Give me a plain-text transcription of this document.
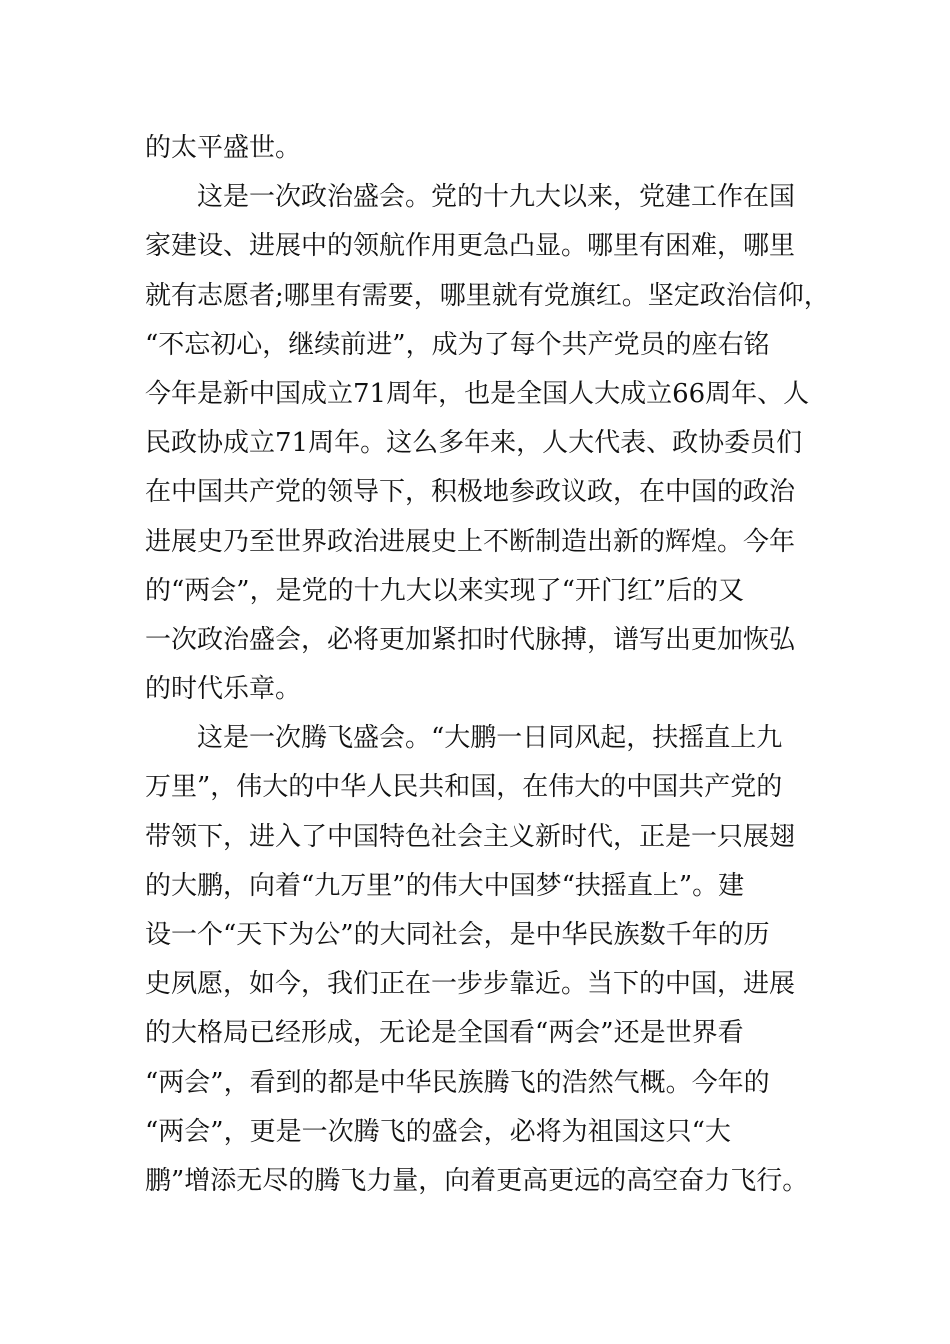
的太平盛世。
这是一次政治盛会。党的十九大以来，党建工作在国
家建设、进展中的领航作用更急凸显。哪里有困难，哪里
就有志愿者;哪里有需要，哪里就有党旗红。坚定政治信仰，
“不忘初心，继续前进”，成为了每个共产党员的座右铭
今年是新中国成立71周年，也是全国人大成立66周年、人
民政协成立71周年。这么多年来，人大代表、政协委员们
在中国共产党的领导下，积极地参政议政，在中国的政治
进展史乃至世界政治进展史上不断制造出新的辉煌。今年
的“两会”，是党的十九大以来实现了“开门红”后的又
一次政治盛会，必将更加紧扣时代脉搏，谱写出更加恢弘
的时代乐章。
这是一次腾飞盛会。“大鹏一日同风起，扶摇直上九
万里”，伟大的中华人民共和国，在伟大的中国共产党的
带领下，进入了中国特色社会主义新时代，正是一只展翅
的大鹏，向着“九万里”的伟大中国梦“扶摇直上”。建
设一个“天下为公”的大同社会，是中华民族数千年的历
史夙愿，如今，我们正在一步步靠近。当下的中国，进展
的大格局已经形成，无论是全国看“两会”还是世界看
“两会”，看到的都是中华民族腾飞的浩然气概。今年的
“两会”，更是一次腾飞的盛会，必将为祖国这只“大
鹏”增添无尽的腾飞力量，向着更高更远的高空奋力飞行。
